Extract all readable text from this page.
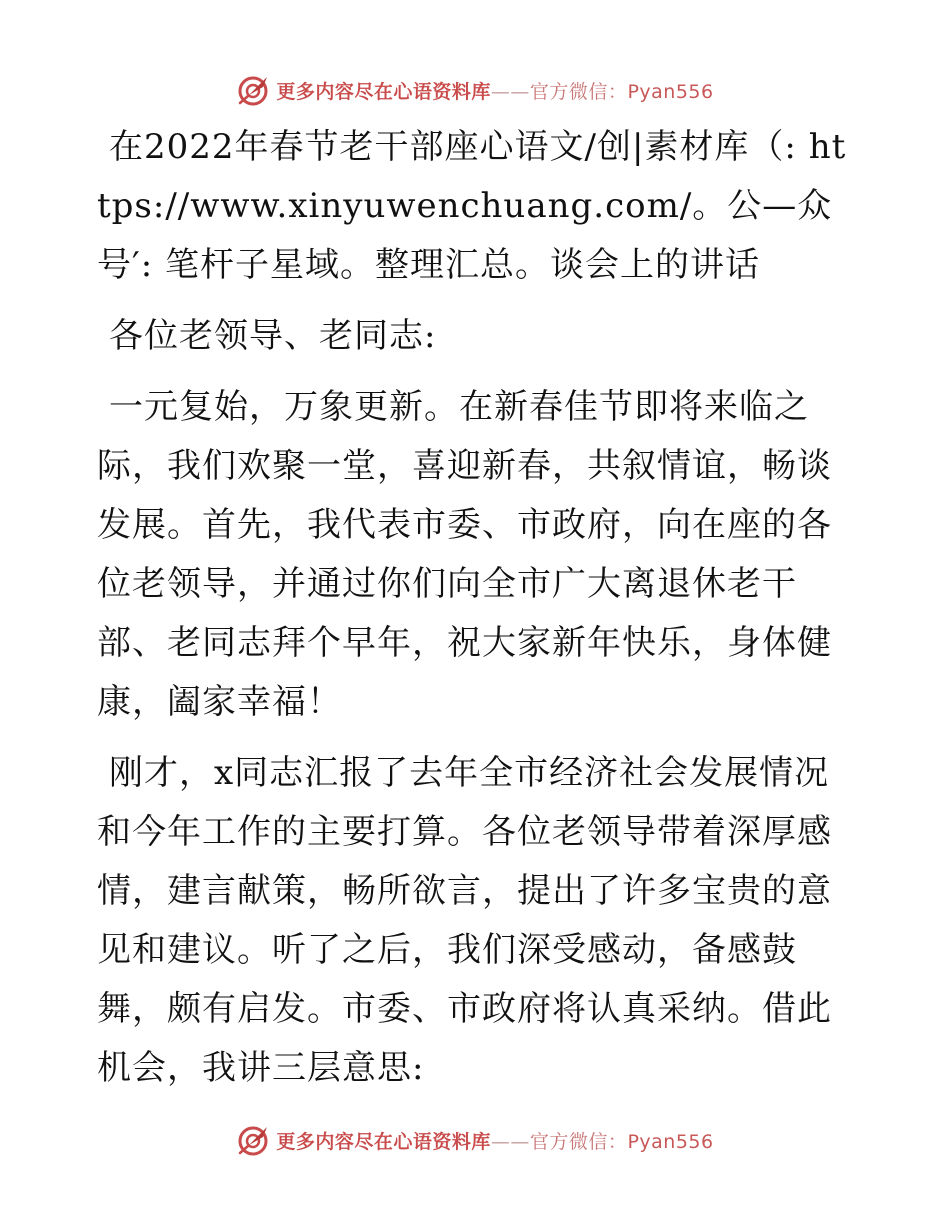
更多内容尽在心语资料库——官方微信：Pyan556

在2022年春节老干部座心语文/创|素材库（: https://www.xinyuwenchuang.com/。公—众号′: 笔杆子星域。整理汇总。谈会上的讲话

各位老领导、老同志:

一元复始，万象更新。在新春佳节即将来临之际，我们欢聚一堂，喜迎新春，共叙情谊，畅谈发展。首先，我代表市委、市政府，向在座的各位老领导，并通过你们向全市广大离退休老干部、老同志拜个早年，祝大家新年快乐，身体健康，阖家幸福！

刚才，x同志汇报了去年全市经济社会发展情况和今年工作的主要打算。各位老领导带着深厚感情，建言献策，畅所欲言，提出了许多宝贵的意见和建议。听了之后，我们深受感动，备感鼓舞，颇有启发。市委、市政府将认真采纳。借此机会，我讲三层意思:

更多内容尽在心语资料库——官方微信：Pyan556
